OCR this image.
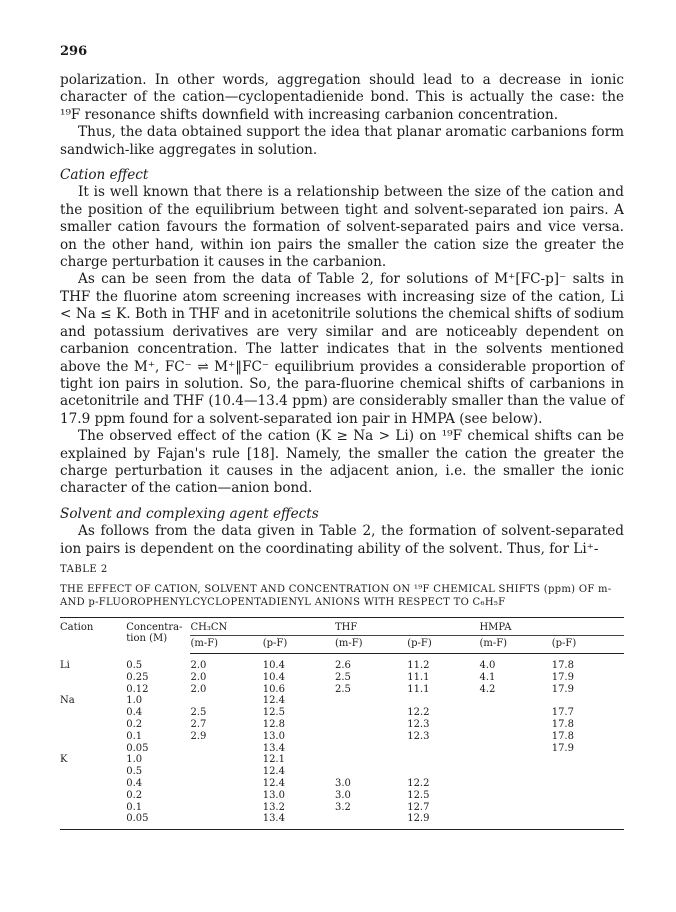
296

polarization. In other words, aggregation should lead to a decrease in ionic character of the cation—cyclopentadienide bond. This is actually the case: the ¹⁹F resonance shifts downfield with increasing carbanion concentration.

Thus, the data obtained support the idea that planar aromatic carbanions form sandwich-like aggregates in solution.

Cation effect

It is well known that there is a relationship between the size of the cation and the position of the equilibrium between tight and solvent-separated ion pairs. A smaller cation favours the formation of solvent-separated pairs and vice versa. on the other hand, within ion pairs the smaller the cation size the greater the charge perturbation it causes in the carbanion.

As can be seen from the data of Table 2, for solutions of M⁺[FC-p]⁻ salts in THF the fluorine atom screening increases with increasing size of the cation, Li < Na ≤ K. Both in THF and in acetonitrile solutions the chemical shifts of sodium and potassium derivatives are very similar and are noticeably dependent on carbanion concentration. The latter indicates that in the solvents mentioned above the M⁺, FC⁻ ⇌ M⁺‖FC⁻ equilibrium provides a considerable proportion of tight ion pairs in solution. So, the para-fluorine chemical shifts of carbanions in acetonitrile and THF (10.4—13.4 ppm) are considerably smaller than the value of 17.9 ppm found for a solvent-separated ion pair in HMPA (see below).

The observed effect of the cation (K ≥ Na > Li) on ¹⁹F chemical shifts can be explained by Fajan's rule [18]. Namely, the smaller the cation the greater the charge perturbation it causes in the adjacent anion, i.e. the smaller the ionic character of the cation—anion bond.

Solvent and complexing agent effects

As follows from the data given in Table 2, the formation of solvent-separated ion pairs is dependent on the coordinating ability of the solvent. Thus, for Li⁺-

TABLE 2
THE EFFECT OF CATION, SOLVENT AND CONCENTRATION ON ¹⁹F CHEMICAL SHIFTS (ppm) OF m- AND p-FLUOROPHENYLCYCLOPENTADIENYL ANIONS WITH RESPECT TO C₆H₅F
Cation	Concentra-
tion (M)	CH₃CN		THF		HMPA	
		(m-F)	(p-F)	(m-F)	(p-F)	(m-F)	(p-F)
Li	0.5	2.0	10.4	2.6	11.2	4.0	17.8
	0.25	2.0	10.4	2.5	11.1	4.1	17.9
	0.12	2.0	10.6	2.5	11.1	4.2	17.9
Na	1.0		12.4				
	0.4	2.5	12.5		12.2		17.7
	0.2	2.7	12.8		12.3		17.8
	0.1	2.9	13.0		12.3		17.8
	0.05		13.4				17.9
K	1.0		12.1				
	0.5		12.4				
	0.4		12.4	3.0	12.2		
	0.2		13.0	3.0	12.5		
	0.1		13.2	3.2	12.7		
	0.05		13.4		12.9		
